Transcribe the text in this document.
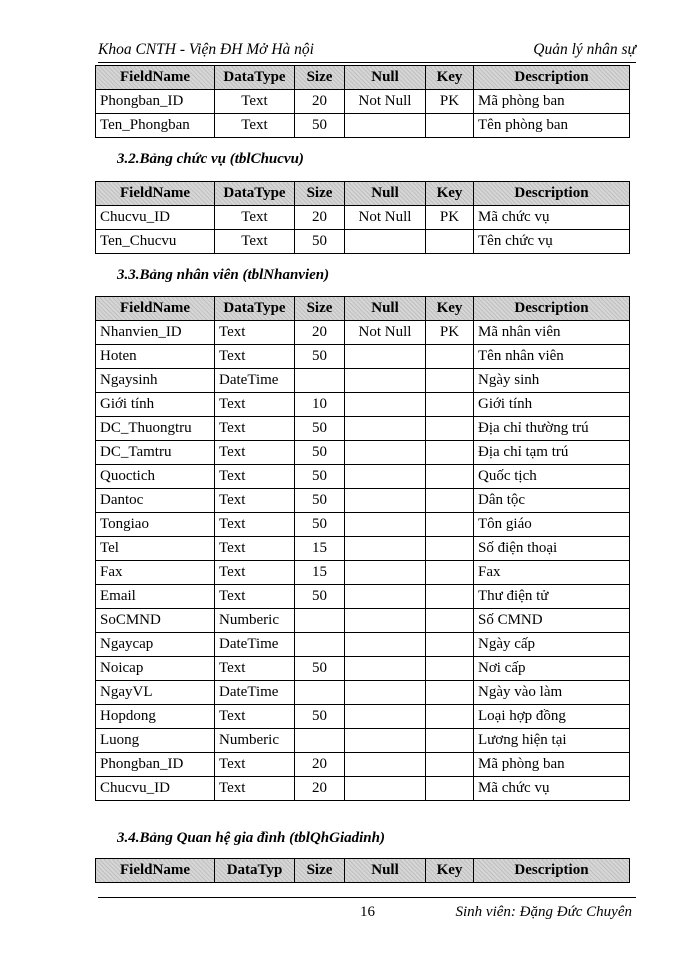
Khoa CNTH - Viện ĐH Mở Hà nội	Quản lý nhân sự
FieldName	DataType	Size	Null	Key	Description
Phongban_ID	Text	20	Not Null	PK	Mã phòng ban
Ten_Phongban	Text	50			Tên phòng ban
3.2.Bảng chức vụ (tblChucvu)
FieldName	DataType	Size	Null	Key	Description
Chucvu_ID	Text	20	Not Null	PK	Mã chức vụ
Ten_Chucvu	Text	50			Tên chức vụ
3.3.Bảng nhân viên (tblNhanvien)
FieldName	DataType	Size	Null	Key	Description
Nhanvien_ID	Text	20	Not Null	PK	Mã nhân viên
Hoten	Text	50			Tên nhân viên
Ngaysinh	DateTime				Ngày sinh
Giới tính	Text	10			Giới tính
DC_Thuongtru	Text	50			Địa chỉ thường trú
DC_Tamtru	Text	50			Địa chỉ tạm trú
Quoctich	Text	50			Quốc tịch
Dantoc	Text	50			Dân tộc
Tongiao	Text	50			Tôn giáo
Tel	Text	15			Số điện thoại
Fax	Text	15			Fax
Email	Text	50			Thư điện tử
SoCMND	Numberic				Số CMND
Ngaycap	DateTime				Ngày cấp
Noicap	Text	50			Nơi cấp
NgayVL	DateTime				Ngày vào làm
Hopdong	Text	50			Loại hợp đồng
Luong	Numberic				Lương hiện tại
Phongban_ID	Text	20			Mã phòng ban
Chucvu_ID	Text	20			Mã chức vụ
3.4.Bảng Quan hệ gia đình (tblQhGiadinh)
FieldName	DataTyp	Size	Null	Key	Description
16	Sinh viên: Đặng Đức Chuyên
